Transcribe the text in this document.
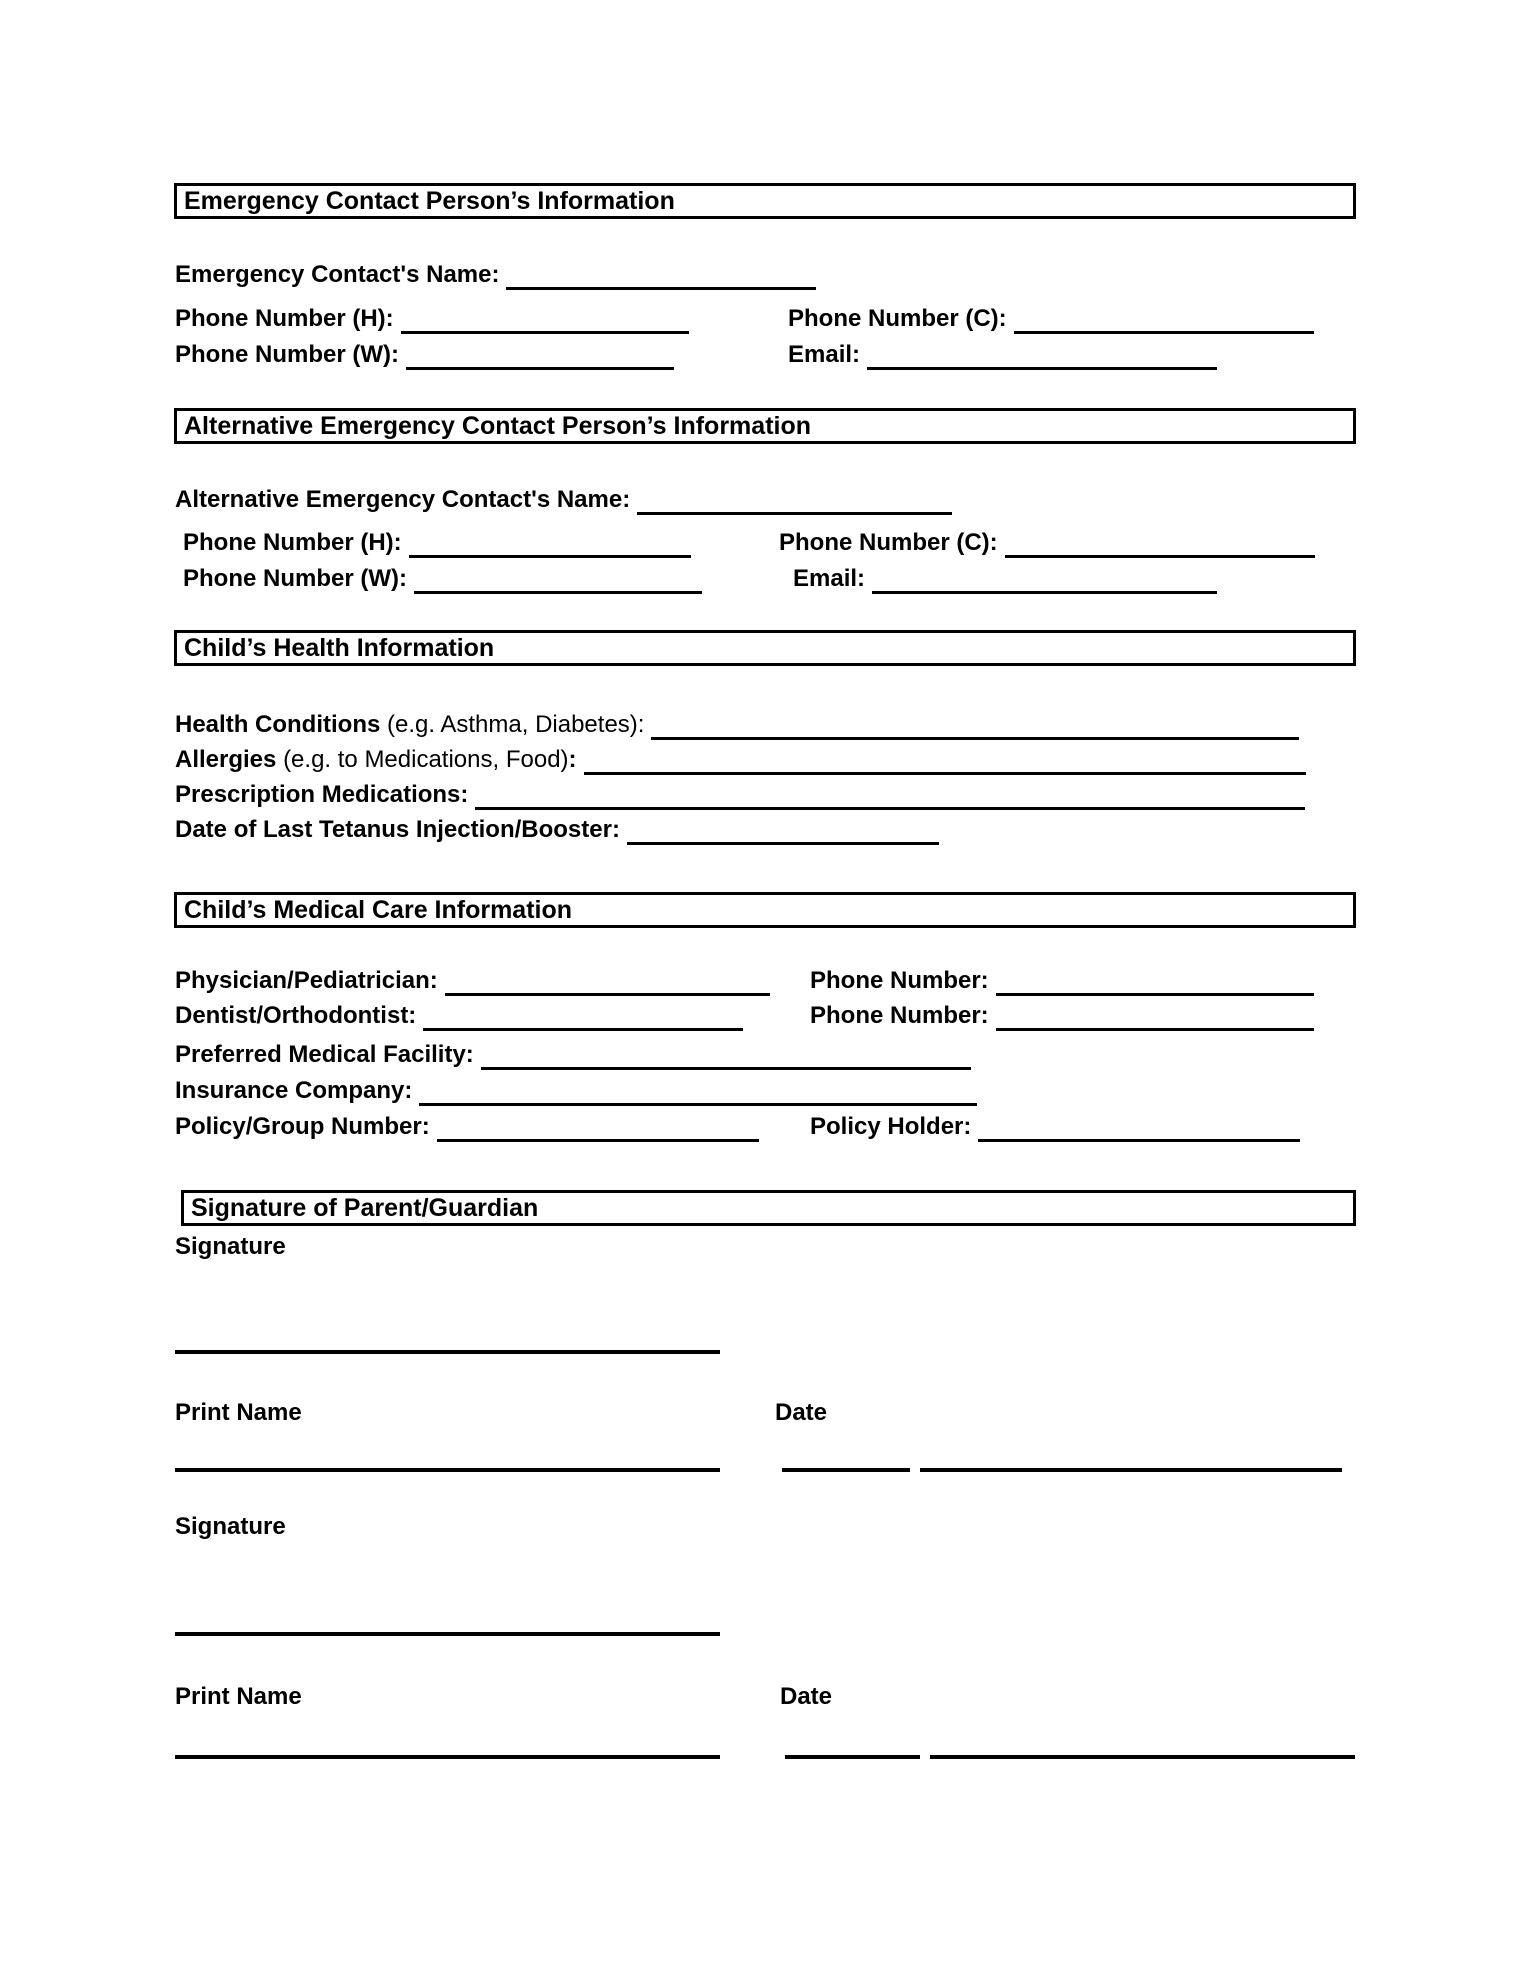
Emergency Contact Person’s Information
Emergency Contact's Name:
Phone Number (H):	Phone Number (C):
Phone Number (W):	Email:
Alternative Emergency Contact Person’s Information
Alternative Emergency Contact's Name:
Phone Number (H):	Phone Number (C):
Phone Number (W):	Email:
Child’s Health Information
Health Conditions (e.g. Asthma, Diabetes):
Allergies (e.g. to Medications, Food):
Prescription Medications:
Date of Last Tetanus Injection/Booster:
Child’s Medical Care Information
Physician/Pediatrician:	Phone Number:
Dentist/Orthodontist:	Phone Number:
Preferred Medical Facility:
Insurance Company:
Policy/Group Number:	Policy Holder:
Signature of Parent/Guardian
Signature
Print Name	Date
Signature
Print Name	Date
